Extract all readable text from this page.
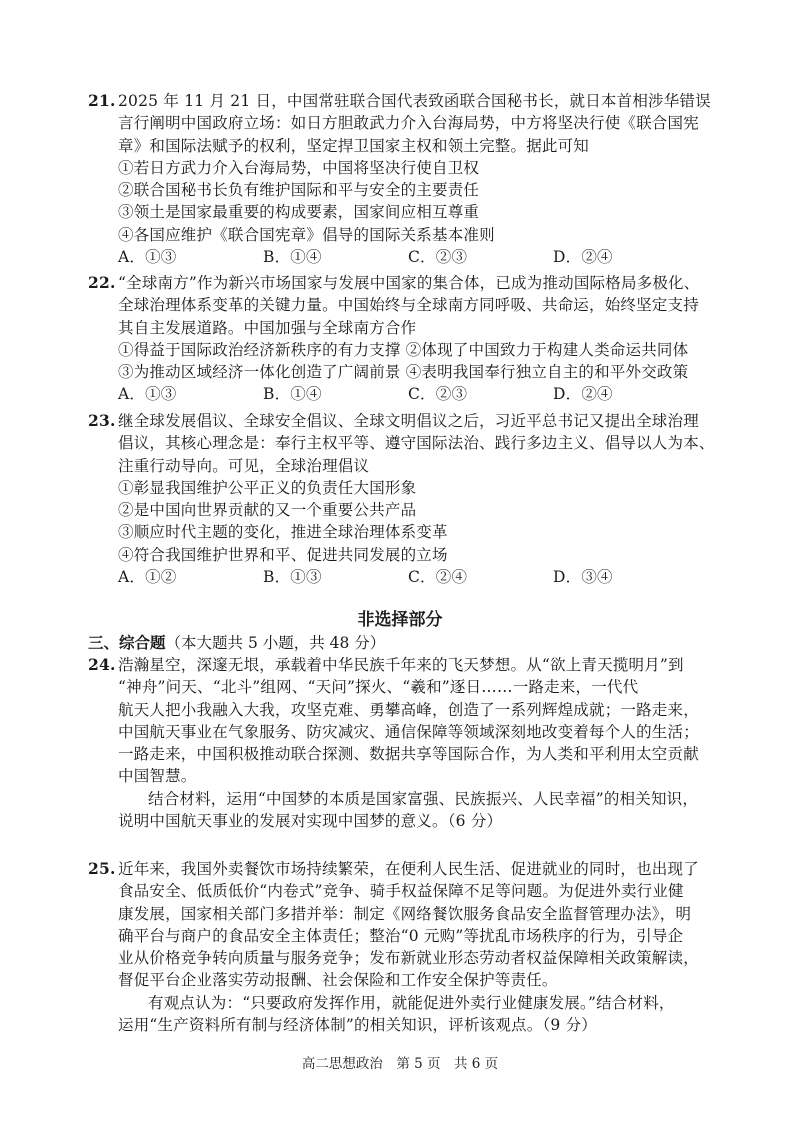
21. 2025 年 11 月 21 日，中国常驻联合国代表致函联合国秘书长，就日本首相涉华错误
言行阐明中国政府立场：如日方胆敢武力介入台海局势，中方将坚决行使《联合国宪
章》和国际法赋予的权利，坚定捍卫国家主权和领土完整。据此可知
①若日方武力介入台海局势，中国将坚决行使自卫权
②联合国秘书长负有维护国际和平与安全的主要责任
③领土是国家最重要的构成要素，国家间应相互尊重
④各国应维护《联合国宪章》倡导的国际关系基本准则
A．①③	B．①④	C．②③	D．②④
22. “全球南方”作为新兴市场国家与发展中国家的集合体，已成为推动国际格局多极化、
全球治理体系变革的关键力量。中国始终与全球南方同呼吸、共命运，始终坚定支持
其自主发展道路。中国加强与全球南方合作
①得益于国际政治经济新秩序的有力支撑 ②体现了中国致力于构建人类命运共同体
③为推动区域经济一体化创造了广阔前景 ④表明我国奉行独立自主的和平外交政策
A．①③	B．①④	C．②③	D．②④
23. 继全球发展倡议、全球安全倡议、全球文明倡议之后，习近平总书记又提出全球治理
倡议，其核心理念是：奉行主权平等、遵守国际法治、践行多边主义、倡导以人为本、
注重行动导向。可见，全球治理倡议
①彰显我国维护公平正义的负责任大国形象
②是中国向世界贡献的又一个重要公共产品
③顺应时代主题的变化，推进全球治理体系变革
④符合我国维护世界和平、促进共同发展的立场
A．①②	B．①③	C．②④	D．③④
非选择部分
三、综合题（本大题共 5 小题，共 48 分）
24. 浩瀚星空，深邃无垠，承载着中华民族千年来的飞天梦想。从“欲上青天揽明月”到
“神舟”问天、“北斗”组网、“天问”探火、“羲和”逐日……一路走来，一代代
航天人把小我融入大我，攻坚克难、勇攀高峰，创造了一系列辉煌成就；一路走来，
中国航天事业在气象服务、防灾减灾、通信保障等领域深刻地改变着每个人的生活；
一路走来，中国积极推动联合探测、数据共享等国际合作，为人类和平利用太空贡献
中国智慧。
结合材料，运用“中国梦的本质是国家富强、民族振兴、人民幸福”的相关知识，
说明中国航天事业的发展对实现中国梦的意义。（6 分）
25. 近年来，我国外卖餐饮市场持续繁荣，在便利人民生活、促进就业的同时，也出现了
食品安全、低质低价“内卷式”竞争、骑手权益保障不足等问题。为促进外卖行业健
康发展，国家相关部门多措并举：制定《网络餐饮服务食品安全监督管理办法》，明
确平台与商户的食品安全主体责任；整治“0 元购”等扰乱市场秩序的行为，引导企
业从价格竞争转向质量与服务竞争；发布新就业形态劳动者权益保障相关政策解读，
督促平台企业落实劳动报酬、社会保险和工作安全保护等责任。
有观点认为：“只要政府发挥作用，就能促进外卖行业健康发展。”结合材料，
运用“生产资料所有制与经济体制”的相关知识，评析该观点。（9 分）
高二思想政治　第 5 页　共 6 页
